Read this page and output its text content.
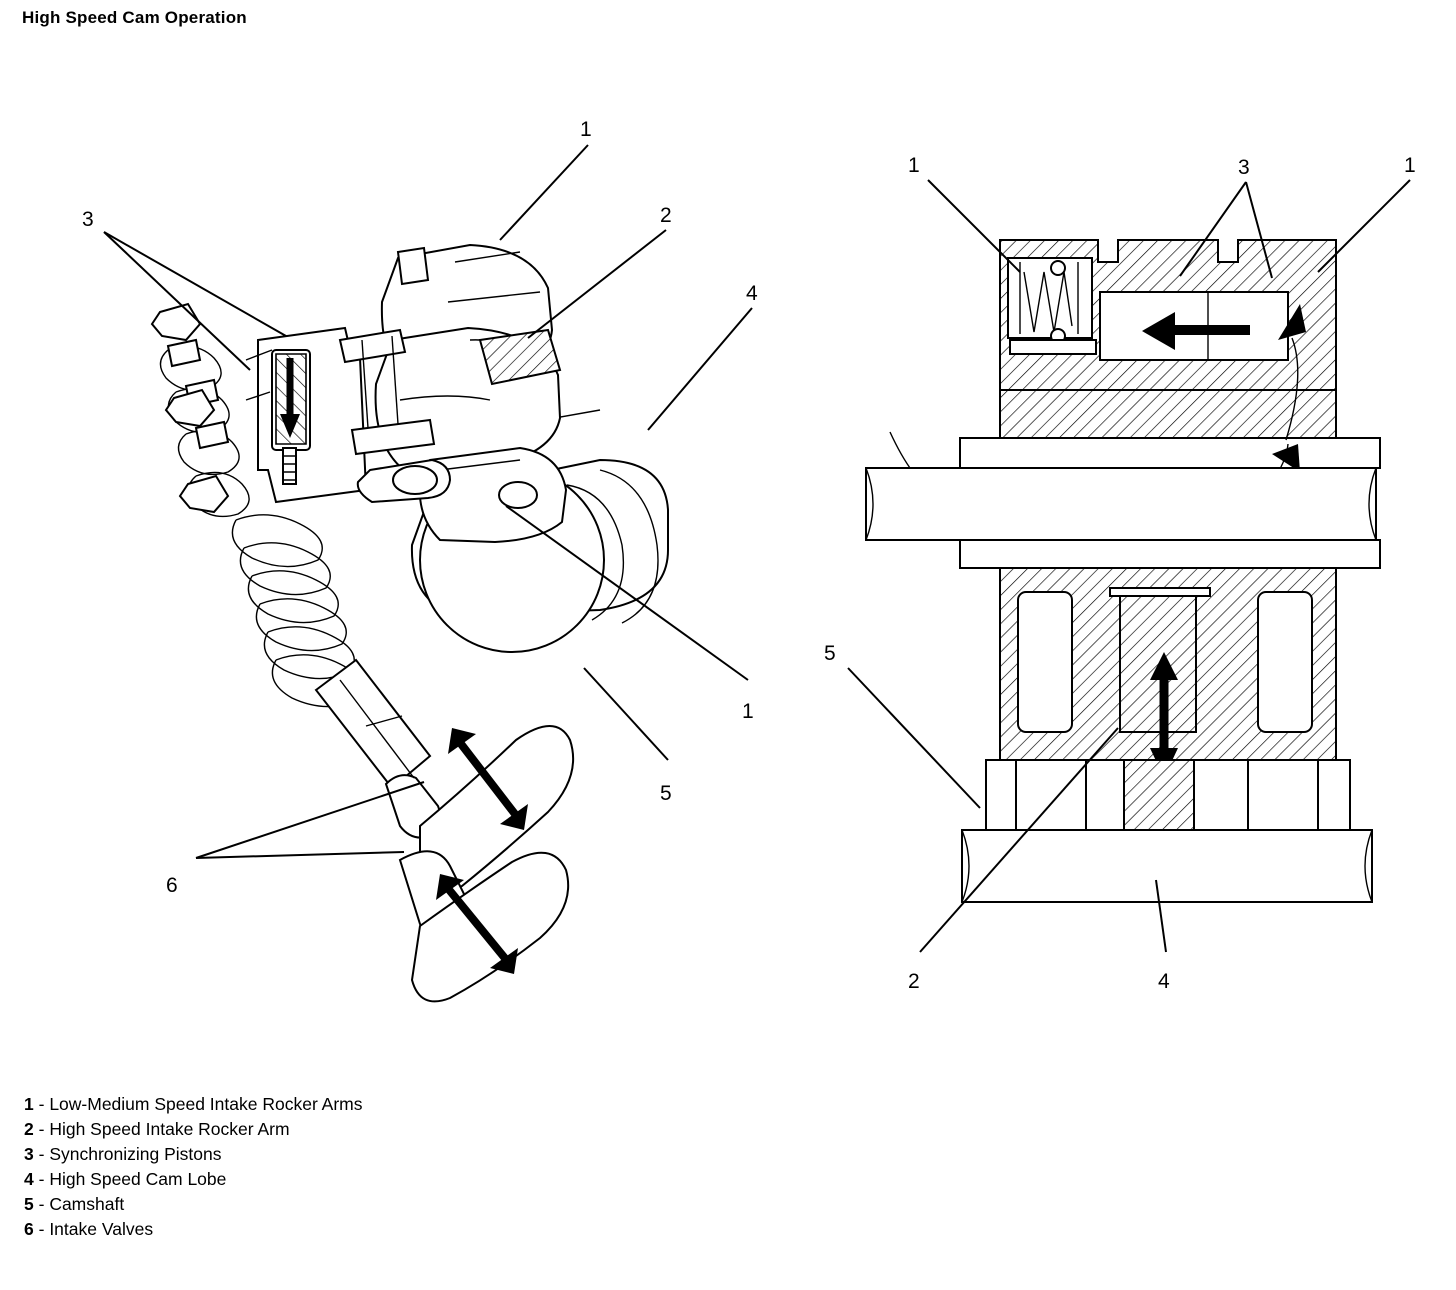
High Speed Cam Operation
1
2
3
4
1
5
6
1	3	1
5
2	4
1 - Low-Medium Speed Intake Rocker Arms
2 - High Speed Intake Rocker Arm
3 - Synchronizing Pistons
4 - High Speed Cam Lobe
5 - Camshaft
6 - Intake Valves
